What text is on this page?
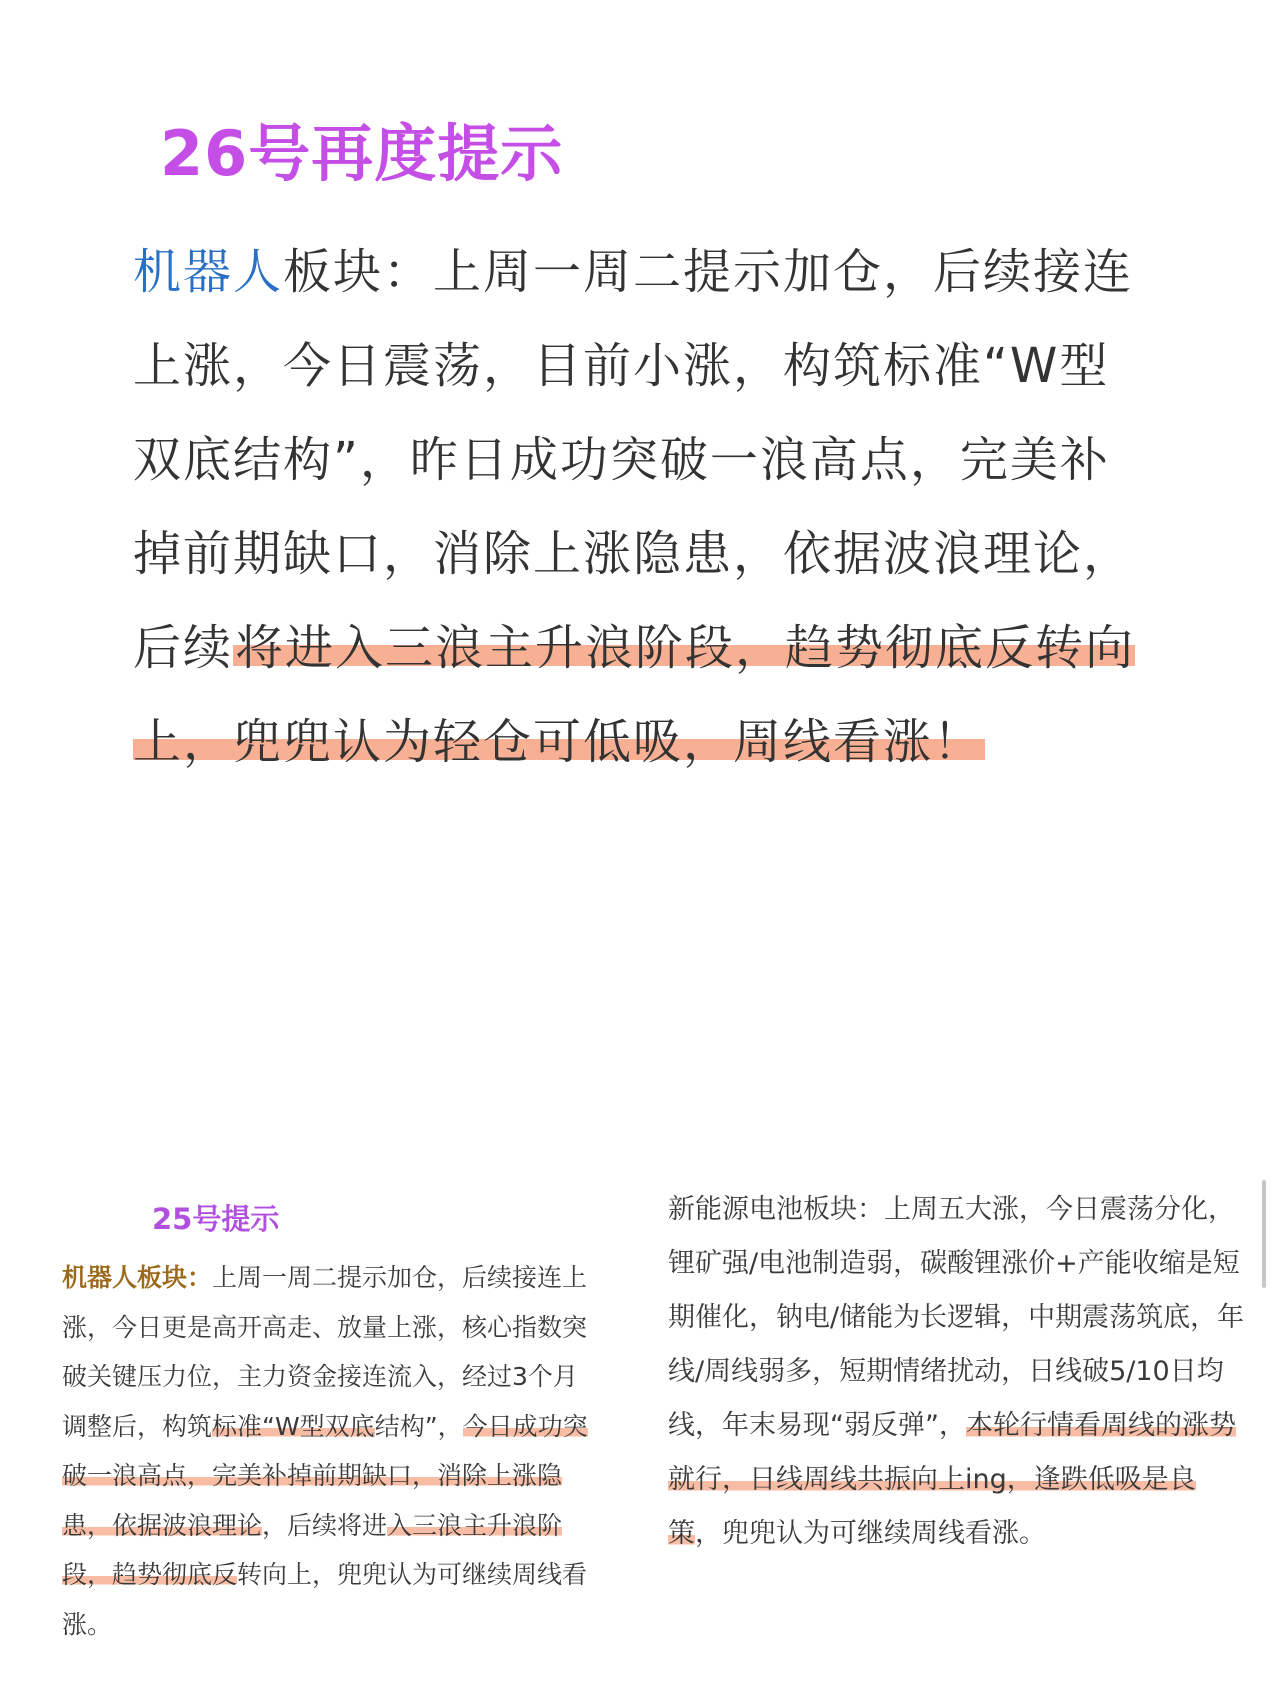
26号再度提示

机器人板块：上周一周二提示加仓，后续接连上涨，今日震荡，目前小涨，构筑标准“W型双底结构”，昨日成功突破一浪高点，完美补掉前期缺口，消除上涨隐患，依据波浪理论，后续将进入三浪主升浪阶段，趋势彻底反转向上，兜兜认为轻仓可低吸，周线看涨！

25号提示

机器人板块：上周一周二提示加仓，后续接连上涨，今日更是高开高走、放量上涨，核心指数突破关键压力位，主力资金接连流入，经过3个月调整后，构筑标准“W型双底结构”，今日成功突破一浪高点，完美补掉前期缺口，消除上涨隐患，依据波浪理论，后续将进入三浪主升浪阶段，趋势彻底反转向上，兜兜认为可继续周线看涨。

新能源电池板块：上周五大涨，今日震荡分化，锂矿强/电池制造弱，碳酸锂涨价+产能收缩是短期催化，钠电/储能为长逻辑，中期震荡筑底，年线/周线弱多，短期情绪扰动，日线破5/10日均线，年末易现“弱反弹”，本轮行情看周线的涨势就行，日线周线共振向上ing，逢跌低吸是良策，兜兜认为可继续周线看涨。
